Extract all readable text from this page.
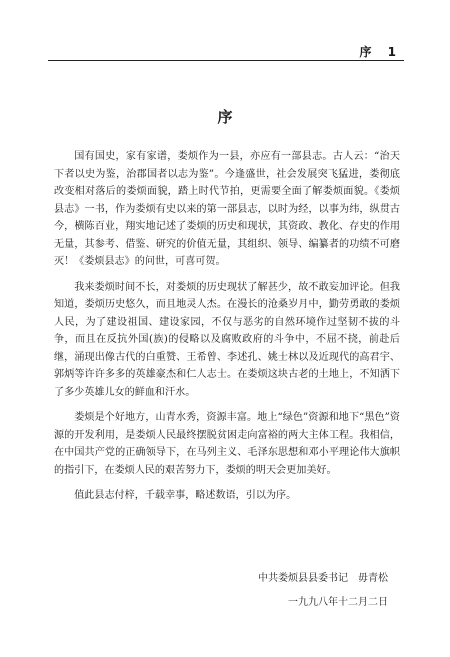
序 1
序

国有国史，家有家谱，娄烦作为一县，亦应有一部县志。古人云：“治天下者以史为鉴，治郡国者以志为鉴”。今逢盛世，社会发展突飞猛进，娄彻底改变相对落后的娄烦面貌，踏上时代节拍，更需要全面了解娄烦面貌。《娄烦县志》一书，作为娄烦有史以来的第一部县志，以时为经，以事为纬，纵贯古今，横陈百业，翔实地记述了娄烦的历史和现状，其资政、教化、存史的作用无量，其参考、借鉴、研究的价值无量，其组织、领导、编纂者的功绩不可磨灭！《娄烦县志》的问世，可喜可贺。

我来娄烦时间不长，对娄烦的历史现状了解甚少，故不敢妄加评论。但我知道，娄烦历史悠久，而且地灵人杰。在漫长的沧桑岁月中，勤劳勇敢的娄烦人民，为了建设祖国、建设家园，不仅与恶劣的自然环境作过坚韧不拔的斗争，而且在反抗外国(族)的侵略以及腐败政府的斗争中，不屈不挠，前赴后继，涌现出像古代的白重赞、王希曾、李述孔、姚士林以及近现代的高君宇、郭炳等许许多多的英雄豪杰和仁人志士。在娄烦这块古老的土地上，不知洒下了多少英雄儿女的鲜血和汗水。

娄烦是个好地方，山青水秀，资源丰富。地上“绿色”资源和地下“黑色”资源的开发利用，是娄烦人民最终摆脱贫困走向富裕的两大主体工程。我相信，在中国共产党的正确领导下，在马列主义、毛泽东思想和邓小平理论伟大旗帜的指引下，在娄烦人民的艰苦努力下，娄烦的明天会更加美好。

值此县志付梓，千载幸事，略述数语，引以为序。

中共娄烦县县委书记　毋青松
一九九八年十二月二日
